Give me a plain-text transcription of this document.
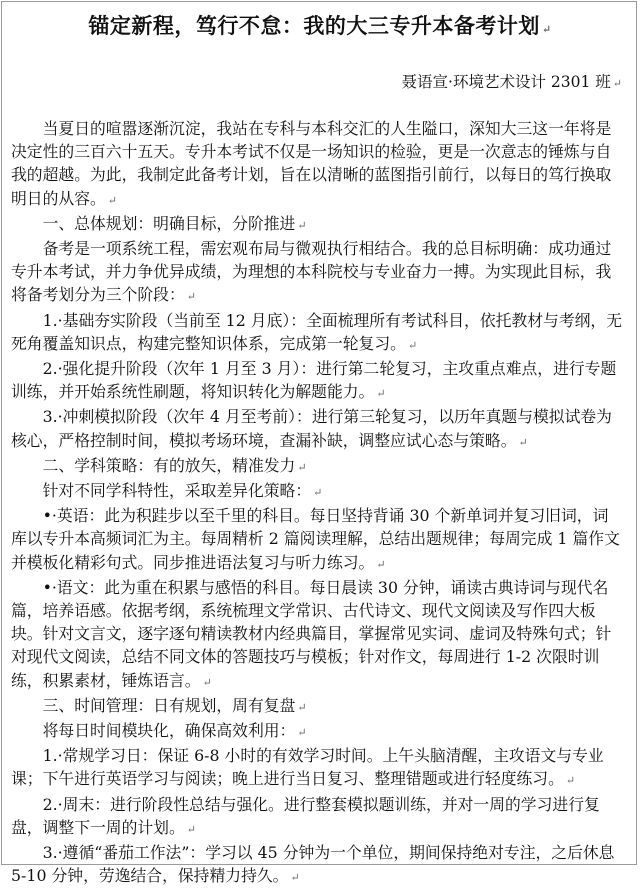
锚定新程，笃行不怠：我的大三专升本备考计划 ↵
聂语宣·环境艺术设计 2301 班 ↵

当夏日的喧嚣逐渐沉淀，我站在专科与本科交汇的人生隘口，深知大三这一年将是决定性的三百六十五天。专升本考试不仅是一场知识的检验，更是一次意志的锤炼与自我的超越。为此，我制定此备考计划，旨在以清晰的蓝图指引前行，以每日的笃行换取明日的从容。 ↵

一、总体规划：明确目标，分阶推进 ↵

备考是一项系统工程，需宏观布局与微观执行相结合。我的总目标明确：成功通过专升本考试，并力争优异成绩，为理想的本科院校与专业奋力一搏。为实现此目标，我将备考划分为三个阶段： ↵

1.·基础夯实阶段（当前至 12 月底）：全面梳理所有考试科目，依托教材与考纲，无死角覆盖知识点，构建完整知识体系，完成第一轮复习。 ↵

2.·强化提升阶段（次年 1 月至 3 月）：进行第二轮复习，主攻重点难点，进行专题训练，并开始系统性刷题，将知识转化为解题能力。 ↵

3.·冲刺模拟阶段（次年 4 月至考前）：进行第三轮复习，以历年真题与模拟试卷为核心，严格控制时间，模拟考场环境，查漏补缺，调整应试心态与策略。 ↵

二、学科策略：有的放矢，精准发力 ↵

针对不同学科特性，采取差异化策略： ↵

•·英语：此为积跬步以至千里的科目。每日坚持背诵 30 个新单词并复习旧词，词库以专升本高频词汇为主。每周精析 2 篇阅读理解，总结出题规律；每周完成 1 篇作文并模板化精彩句式。同步推进语法复习与听力练习。 ↵

•·语文：此为重在积累与感悟的科目。每日晨读 30 分钟，诵读古典诗词与现代名篇，培养语感。依据考纲，系统梳理文学常识、古代诗文、现代文阅读及写作四大板块。针对文言文，逐字逐句精读教材内经典篇目，掌握常见实词、虚词及特殊句式；针对现代文阅读，总结不同文体的答题技巧与模板；针对作文，每周进行 1-2 次限时训练，积累素材，锤炼语言。 ↵

三、时间管理：日有规划，周有复盘 ↵

将每日时间模块化，确保高效利用： ↵

1.·常规学习日：保证 6-8 小时的有效学习时间。上午头脑清醒，主攻语文与专业课；下午进行英语学习与阅读；晚上进行当日复习、整理错题或进行轻度练习。 ↵

2.·周末：进行阶段性总结与强化。进行整套模拟题训练，并对一周的学习进行复盘，调整下一周的计划。 ↵

3.·遵循“番茄工作法”：学习以 45 分钟为一个单位，期间保持绝对专注，之后休息 5-10 分钟，劳逸结合，保持精力持久。 ↵
